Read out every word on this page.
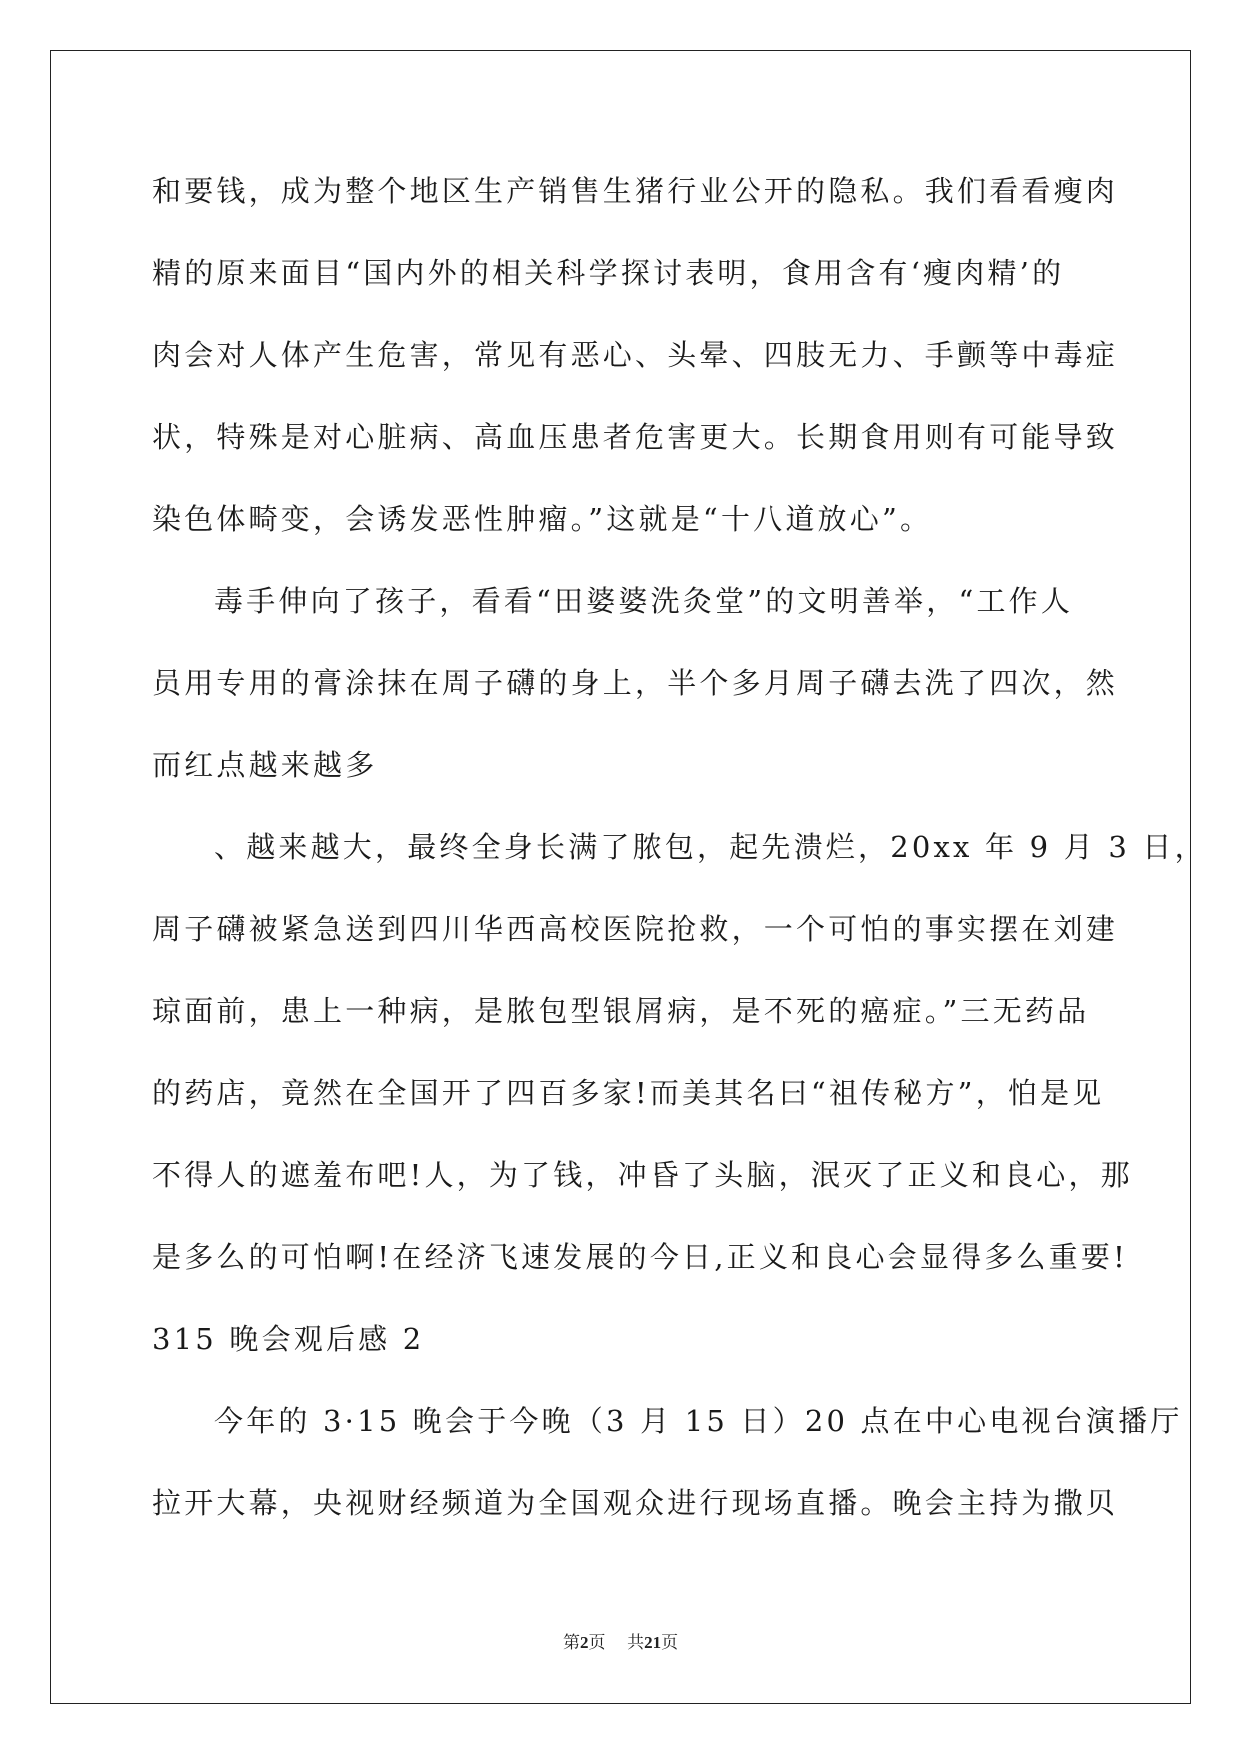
和要钱，成为整个地区生产销售生猪行业公开的隐私。我们看看瘦肉
精的原来面目“国内外的相关科学探讨表明，食用含有‘瘦肉精’的
肉会对人体产生危害，常见有恶心、头晕、四肢无力、手颤等中毒症
状，特殊是对心脏病、高血压患者危害更大。长期食用则有可能导致
染色体畸变，会诱发恶性肿瘤。”这就是“十八道放心”。
毒手伸向了孩子，看看“田婆婆洗灸堂”的文明善举，“工作人
员用专用的膏涂抹在周子礴的身上，半个多月周子礴去洗了四次，然
而红点越来越多
、越来越大，最终全身长满了脓包，起先溃烂，20xx 年 9 月 3 日，
周子礴被紧急送到四川华西高校医院抢救，一个可怕的事实摆在刘建
琼面前，患上一种病，是脓包型银屑病，是不死的癌症。”三无药品
的药店，竟然在全国开了四百多家!而美其名曰“祖传秘方”，怕是见
不得人的遮羞布吧!人，为了钱，冲昏了头脑，泯灭了正义和良心，那
是多么的可怕啊!在经济飞速发展的今日,正义和良心会显得多么重要!
315 晚会观后感 2
今年的 3·15 晚会于今晚（3 月 15 日）20 点在中心电视台演播厅
拉开大幕，央视财经频道为全国观众进行现场直播。晚会主持为撒贝
第2页 共21页
